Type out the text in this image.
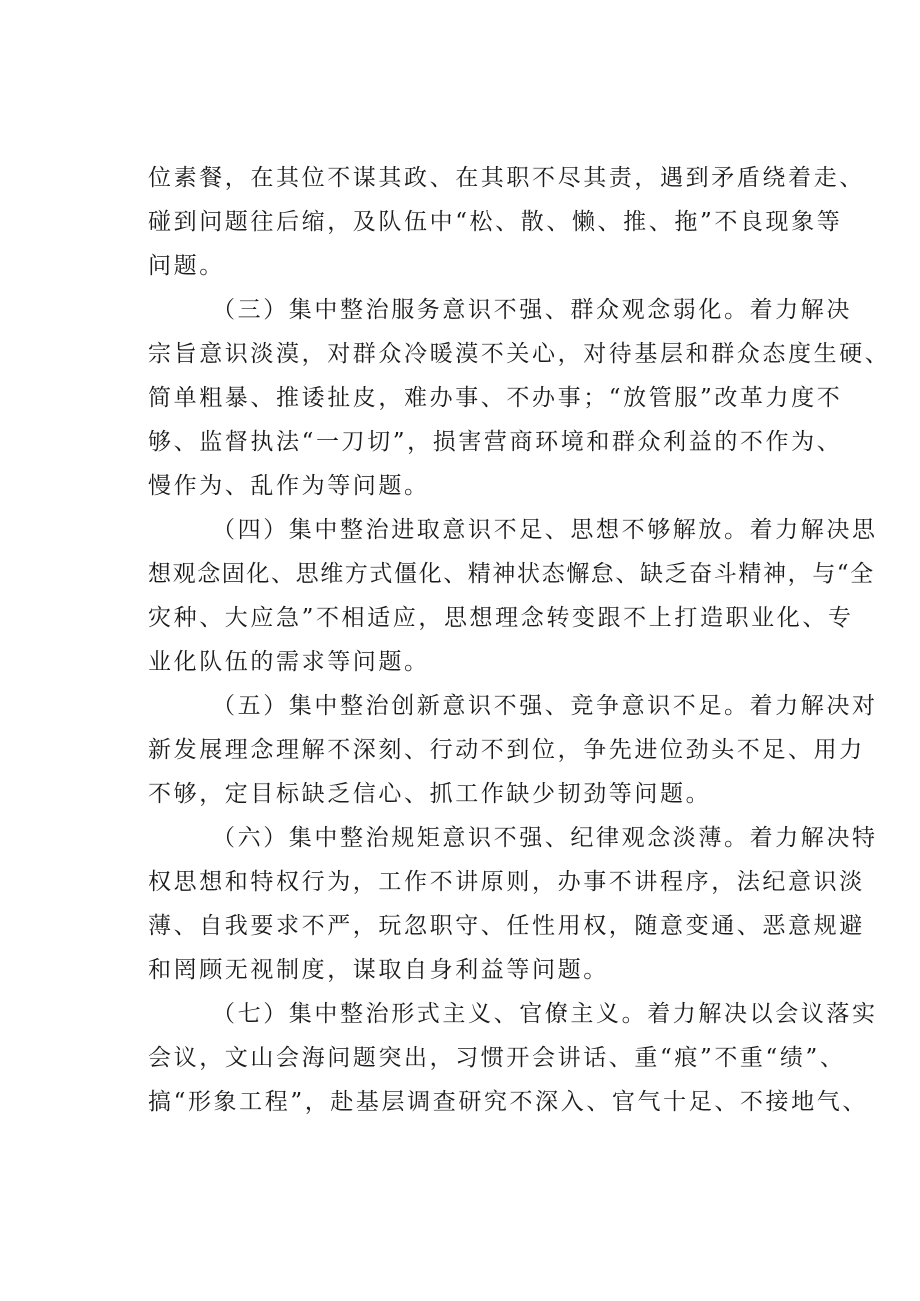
位素餐，在其位不谋其政、在其职不尽其责，遇到矛盾绕着走、
碰到问题往后缩，及队伍中“松、散、懒、推、拖”不良现象等
问题。
（三）集中整治服务意识不强、群众观念弱化。着力解决
宗旨意识淡漠，对群众冷暖漠不关心，对待基层和群众态度生硬、
简单粗暴、推诿扯皮，难办事、不办事；“放管服”改革力度不
够、监督执法“一刀切”，损害营商环境和群众利益的不作为、
慢作为、乱作为等问题。
（四）集中整治进取意识不足、思想不够解放。着力解决思
想观念固化、思维方式僵化、精神状态懈怠、缺乏奋斗精神，与“全
灾种、大应急”不相适应，思想理念转变跟不上打造职业化、专
业化队伍的需求等问题。
（五）集中整治创新意识不强、竞争意识不足。着力解决对
新发展理念理解不深刻、行动不到位，争先进位劲头不足、用力
不够，定目标缺乏信心、抓工作缺少韧劲等问题。
（六）集中整治规矩意识不强、纪律观念淡薄。着力解决特
权思想和特权行为，工作不讲原则，办事不讲程序，法纪意识淡
薄、自我要求不严，玩忽职守、任性用权，随意变通、恶意规避
和罔顾无视制度，谋取自身利益等问题。
（七）集中整治形式主义、官僚主义。着力解决以会议落实
会议，文山会海问题突出，习惯开会讲话、重“痕”不重“绩”、
搞“形象工程”，赴基层调查研究不深入、官气十足、不接地气、
